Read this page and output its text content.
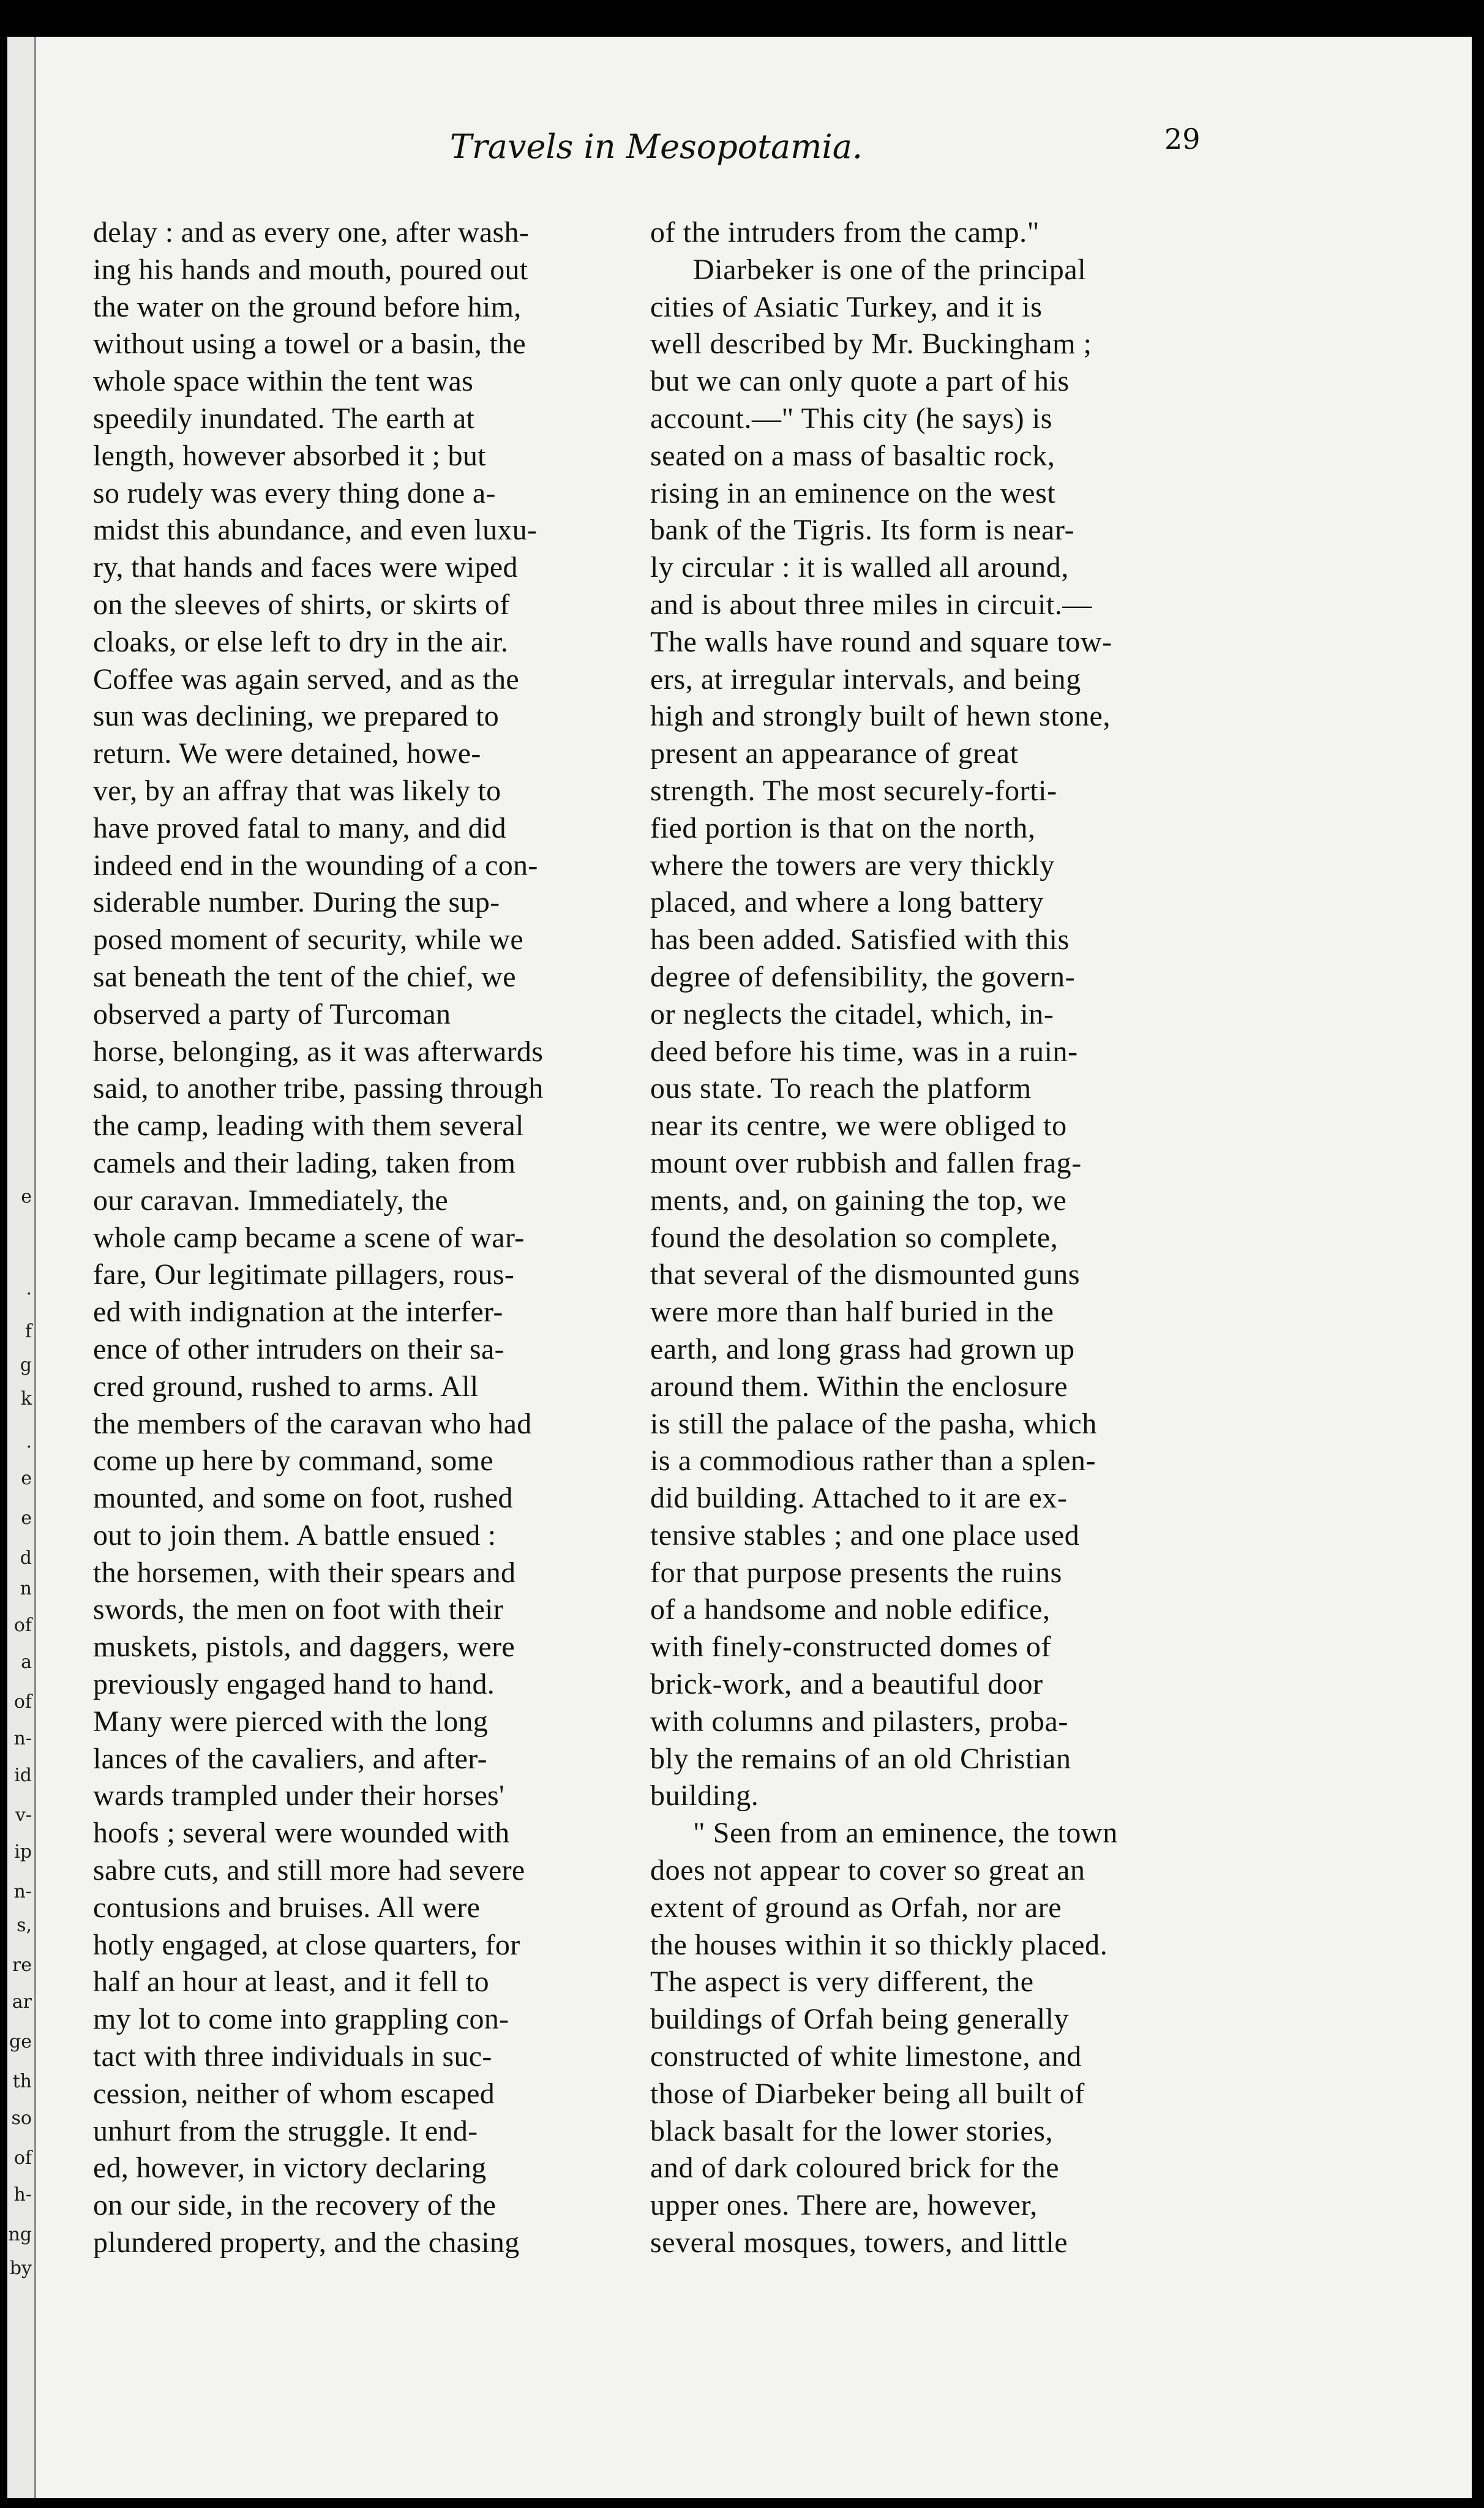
e
.
f
g
k
.
e
e
d
n
of
a
of
n-
id
v-
ip
n-
s,
re
ar
ge
th
so
of
h-
ng
by
Travels in Mesopotamia.	29
delay : and as every one, after wash-
ing his hands and mouth, poured out
the water on the ground before him,
without using a towel or a basin, the
whole space within the tent was
speedily inundated. The earth at
length, however absorbed it ; but
so rudely was every thing done a-
midst this abundance, and even luxu-
ry, that hands and faces were wiped
on the sleeves of shirts, or skirts of
cloaks, or else left to dry in the air.
Coffee was again served, and as the
sun was declining, we prepared to
return. We were detained, howe-
ver, by an affray that was likely to
have proved fatal to many, and did
indeed end in the wounding of a con-
siderable number. During the sup-
posed moment of security, while we
sat beneath the tent of the chief, we
observed a party of Turcoman
horse, belonging, as it was afterwards
said, to another tribe, passing through
the camp, leading with them several
camels and their lading, taken from
our caravan. Immediately, the
whole camp became a scene of war-
fare, Our legitimate pillagers, rous-
ed with indignation at the interfer-
ence of other intruders on their sa-
cred ground, rushed to arms. All
the members of the caravan who had
come up here by command, some
mounted, and some on foot, rushed
out to join them. A battle ensued :
the horsemen, with their spears and
swords, the men on foot with their
muskets, pistols, and daggers, were
previously engaged hand to hand.
Many were pierced with the long
lances of the cavaliers, and after-
wards trampled under their horses'
hoofs ; several were wounded with
sabre cuts, and still more had severe
contusions and bruises. All were
hotly engaged, at close quarters, for
half an hour at least, and it fell to
my lot to come into grappling con-
tact with three individuals in suc-
cession, neither of whom escaped
unhurt from the struggle. It end-
ed, however, in victory declaring
on our side, in the recovery of the
plundered property, and the chasing
of the intruders from the camp."
Diarbeker is one of the principal
cities of Asiatic Turkey, and it is
well described by Mr. Buckingham ;
but we can only quote a part of his
account.—" This city (he says) is
seated on a mass of basaltic rock,
rising in an eminence on the west
bank of the Tigris. Its form is near-
ly circular : it is walled all around,
and is about three miles in circuit.—
The walls have round and square tow-
ers, at irregular intervals, and being
high and strongly built of hewn stone,
present an appearance of great
strength. The most securely-forti-
fied portion is that on the north,
where the towers are very thickly
placed, and where a long battery
has been added. Satisfied with this
degree of defensibility, the govern-
or neglects the citadel, which, in-
deed before his time, was in a ruin-
ous state. To reach the platform
near its centre, we were obliged to
mount over rubbish and fallen frag-
ments, and, on gaining the top, we
found the desolation so complete,
that several of the dismounted guns
were more than half buried in the
earth, and long grass had grown up
around them. Within the enclosure
is still the palace of the pasha, which
is a commodious rather than a splen-
did building. Attached to it are ex-
tensive stables ; and one place used
for that purpose presents the ruins
of a handsome and noble edifice,
with finely-constructed domes of
brick-work, and a beautiful door
with columns and pilasters, proba-
bly the remains of an old Christian
building.
" Seen from an eminence, the town
does not appear to cover so great an
extent of ground as Orfah, nor are
the houses within it so thickly placed.
The aspect is very different, the
buildings of Orfah being generally
constructed of white limestone, and
those of Diarbeker being all built of
black basalt for the lower stories,
and of dark coloured brick for the
upper ones. There are, however,
several mosques, towers, and little
